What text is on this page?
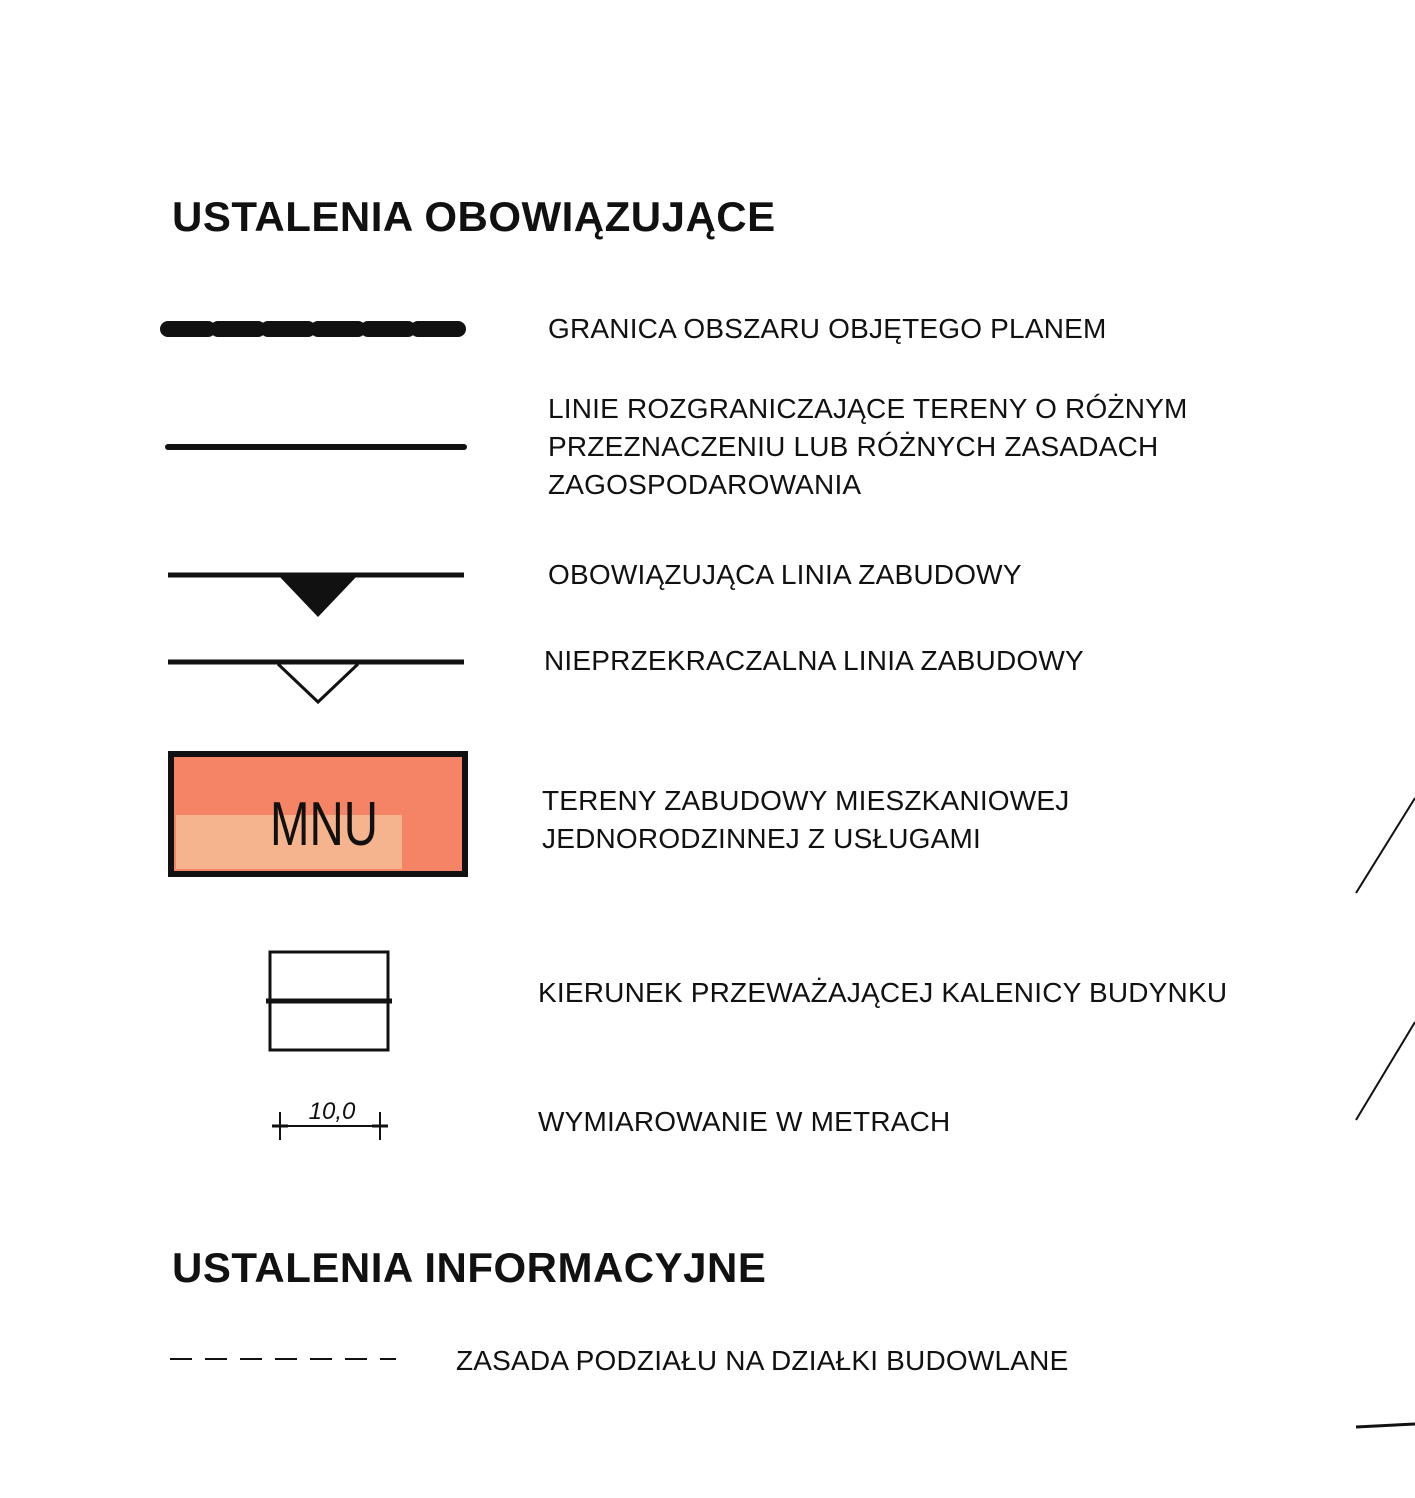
USTALENIA OBOWIĄZUJĄCE
GRANICA OBSZARU OBJĘTEGO PLANEM
LINIE ROZGRANICZAJĄCE TERENY O RÓŻNYM
PRZEZNACZENIU LUB RÓŻNYCH ZASADACH
ZAGOSPODAROWANIA
OBOWIĄZUJĄCA LINIA ZABUDOWY
NIEPRZEKRACZALNA LINIA ZABUDOWY
MNU	TERENY ZABUDOWY MIESZKANIOWEJ
JEDNORODZINNEJ Z USŁUGAMI
KIERUNEK PRZEWAŻAJĄCEJ KALENICY BUDYNKU
10,0	WYMIAROWANIE W METRACH
USTALENIA INFORMACYJNE
ZASADA PODZIAŁU NA DZIAŁKI BUDOWLANE
